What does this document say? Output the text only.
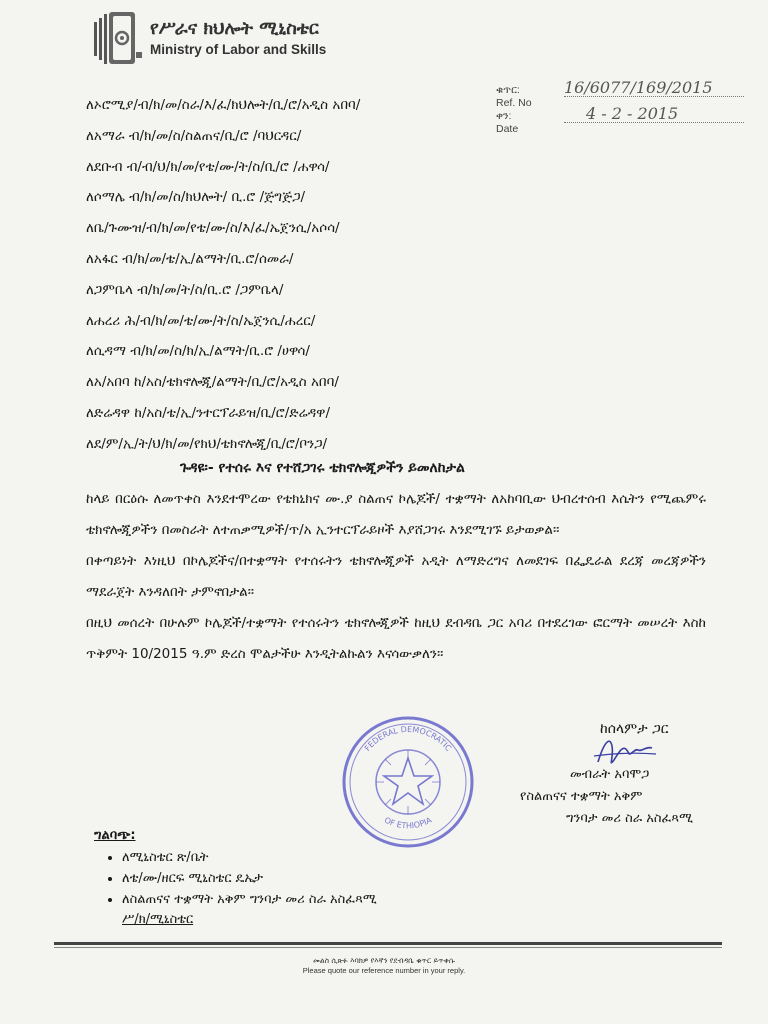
የሥራና ክህሎት ሚኒስቴር
Ministry of Labor and Skills
ቁጥር:	16/6077/169/2015
Ref. No
ቀን:	4 - 2 - 2015
Date
ለኦሮሚያ/ብ/ክ/መ/ስራ/እ/ፈ/ክህሎት/ቢ/ሮ/አዲስ አበባ/
ለአማራ ብ/ክ/መ/ስ/ስልጠና/ቢ/ሮ /ባህርዳር/
ለደቡብ ብ/ብ/ህ/ክ/መ/የቴ/ሙ/ት/ስ/ቢ/ሮ /ሐዋሳ/
ለሶማሌ ብ/ክ/መ/ስ/ክህሎት/ ቢ.ሮ /ጅግጅጋ/
ለቤ/ጉሙዝ/ብ/ክ/መ/የቴ/ሙ/ስ/እ/ፈ/ኤጀንሲ/አሶሳ/
ለአፋር ብ/ክ/መ/ቴ/ኢ/ልማት/ቢ.ሮ/ሰመራ/
ለጋምቤላ ብ/ክ/መ/ት/ስ/ቢ.ሮ /ጋምቤላ/
ለሐረሪ ሕ/ብ/ክ/መ/ቴ/ሙ/ት/ስ/ኤጀንሲ/ሐረር/
ለሲዳማ ብ/ክ/መ/ስ/ክ/ኢ/ልማት/ቢ.ሮ /ሀዋሳ/
ለአ/አበባ ከ/አስ/ቴክኖሎጂ/ልማት/ቢ/ሮ/አዲስ አበባ/
ለድሬዳዋ ከ/አስ/ቴ/ኢ/ንተርፕራይዝ/ቢ/ሮ/ድሬዳዋ/
ለደ/ም/ኢ/ት/ህ/ክ/መ/የክህ/ቴክኖሎጂ/ቢ/ሮ/ቦንጋ/
ጉዳዩ፡- የተሰሩ እና የተሸጋገሩ ቴክኖሎጂዎችን ይመለከታል

ከላይ በርዕሱ ለመጥቀስ እንደተሞረው የቴክኒክና ሙ.ያ ስልጠና ኮሌጆች/ ተቋማት ለአከባቢው ህብረተሰብ እሴትን የሚጨምሩ ቴክኖሎጂዎችን በመስራት ለተጠቃሚዎች/ጥ/አ ኢንተርፕራይዞች እያሸጋገሩ እንደሚገኙ ይታወቃል፡፡

በቀጣይነት እነዚህ በኮሌጆችና/በተቋማት የተሰሩትን ቴክኖሎጂዎች አዲት ለማድረግና ለመደገፍ በፌዴራል ደረጃ መረጃዎችን ማደራጀት እንዳለበት ታምኖበታል፡፡

በዚህ መሰረት በሁሉም ኮሌጆች/ተቋማት የተሰሩትን ቴክኖሎጂዎች ከዚህ ደብዳቤ ጋር አባሪ በተደረገው ፎርማት መሠረት እስከ ጥቅምት 10/2015 ዓ.ም ድረስ ሞልታችሁ እንዲትልኩልን እናሳውቃለን፡፡

FEDERAL DEMOCRATIC
OF ETHIOPIA
ከሰላምታ ጋር
መብራት አባሞጋ
የስልጠናና ተቋማት አቅም
ግንባታ መሪ ስራ አስፈጻሚ
ግልባጭ:
• ለሚኒስቴር ጽ/ቤት
• ለቴ/ሙ/ዘርፍ ሚኒስቴር ዴኤታ
• ለስልጠናና ተቋማት አቅም ግንባታ መሪ ስራ አስፈጻሚ
ሥ/ክ/ሚኒስቴር
መልስ ሲጽፉ እባክዎ የእኛን የደብዳቤ ቁጥር ይጥቀሱ
Please quote our reference number in your reply.
